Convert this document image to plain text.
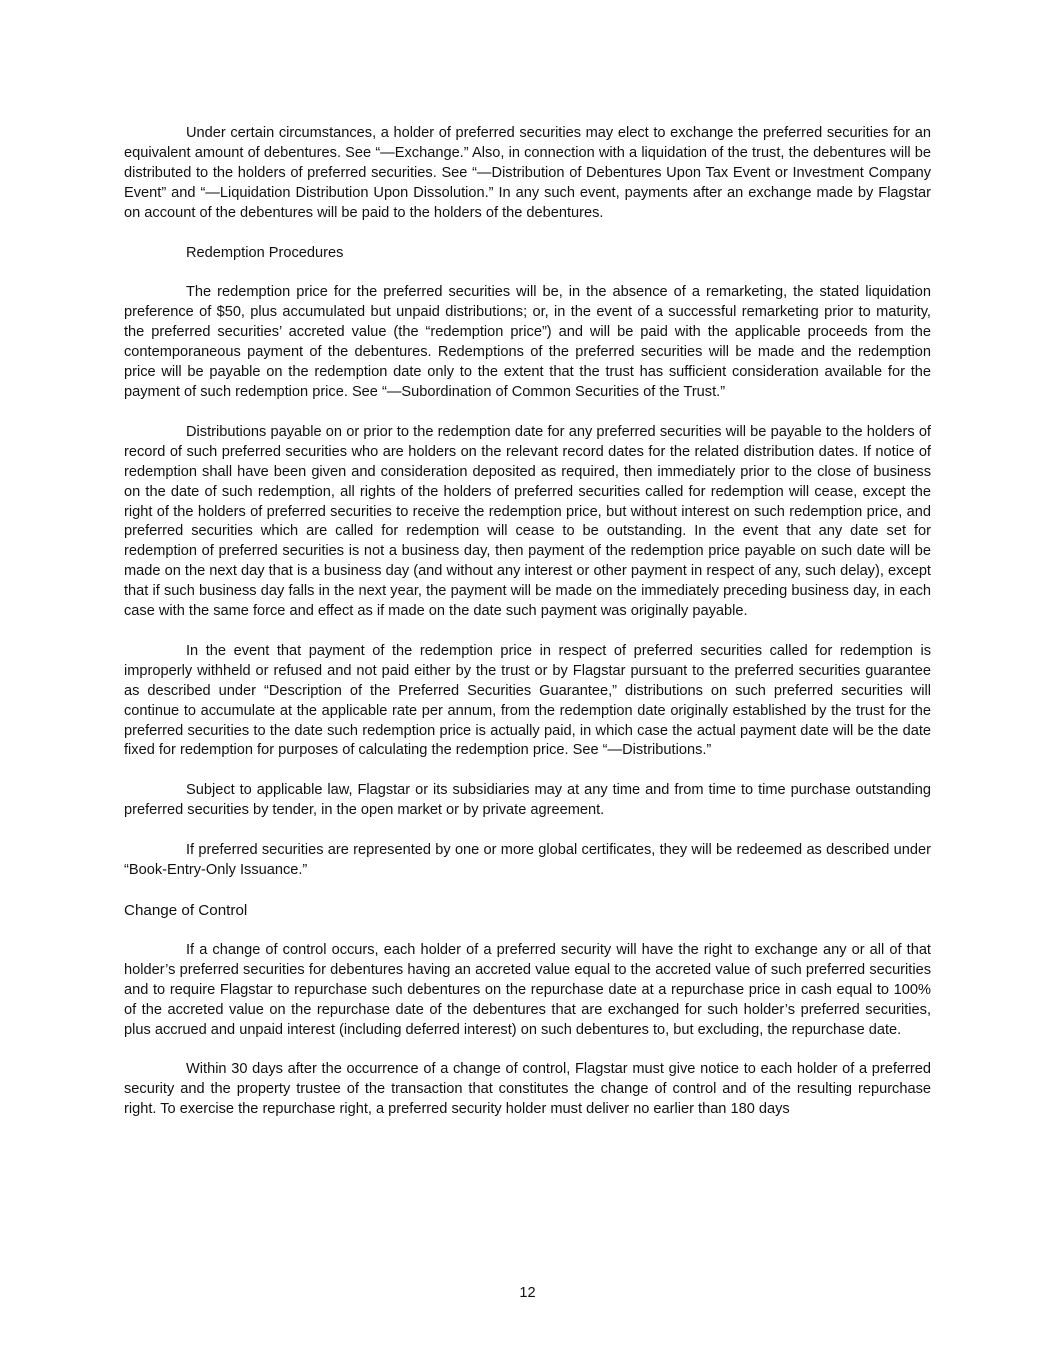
Under certain circumstances, a holder of preferred securities may elect to exchange the preferred securities for an equivalent amount of debentures. See “—Exchange.” Also, in connection with a liquidation of the trust, the debentures will be distributed to the holders of preferred securities. See “—Distribution of Debentures Upon Tax Event or Investment Company Event” and “—Liquidation Distribution Upon Dissolution.” In any such event, payments after an exchange made by Flagstar on account of the debentures will be paid to the holders of the debentures.

Redemption Procedures

The redemption price for the preferred securities will be, in the absence of a remarketing, the stated liquidation preference of $50, plus accumulated but unpaid distributions; or, in the event of a successful remarketing prior to maturity, the preferred securities’ accreted value (the “redemption price”) and will be paid with the applicable proceeds from the contemporaneous payment of the debentures. Redemptions of the preferred securities will be made and the redemption price will be payable on the redemption date only to the extent that the trust has sufficient consideration available for the payment of such redemption price. See “—Subordination of Common Securities of the Trust.”

Distributions payable on or prior to the redemption date for any preferred securities will be payable to the holders of record of such preferred securities who are holders on the relevant record dates for the related distribution dates. If notice of redemption shall have been given and consideration deposited as required, then immediately prior to the close of business on the date of such redemption, all rights of the holders of preferred securities called for redemption will cease, except the right of the holders of preferred securities to receive the redemption price, but without interest on such redemption price, and preferred securities which are called for redemption will cease to be outstanding. In the event that any date set for redemption of preferred securities is not a business day, then payment of the redemption price payable on such date will be made on the next day that is a business day (and without any interest or other payment in respect of any, such delay), except that if such business day falls in the next year, the payment will be made on the immediately preceding business day, in each case with the same force and effect as if made on the date such payment was originally payable.

In the event that payment of the redemption price in respect of preferred securities called for redemption is improperly withheld or refused and not paid either by the trust or by Flagstar pursuant to the preferred securities guarantee as described under “Description of the Preferred Securities Guarantee,” distributions on such preferred securities will continue to accumulate at the applicable rate per annum, from the redemption date originally established by the trust for the preferred securities to the date such redemption price is actually paid, in which case the actual payment date will be the date fixed for redemption for purposes of calculating the redemption price. See “—Distributions.”

Subject to applicable law, Flagstar or its subsidiaries may at any time and from time to time purchase outstanding preferred securities by tender, in the open market or by private agreement.

If preferred securities are represented by one or more global certificates, they will be redeemed as described under “Book-Entry-Only Issuance.”

Change of Control

If a change of control occurs, each holder of a preferred security will have the right to exchange any or all of that holder’s preferred securities for debentures having an accreted value equal to the accreted value of such preferred securities and to require Flagstar to repurchase such debentures on the repurchase date at a repurchase price in cash equal to 100% of the accreted value on the repurchase date of the debentures that are exchanged for such holder’s preferred securities, plus accrued and unpaid interest (including deferred interest) on such debentures to, but excluding, the repurchase date.

Within 30 days after the occurrence of a change of control, Flagstar must give notice to each holder of a preferred security and the property trustee of the transaction that constitutes the change of control and of the resulting repurchase right. To exercise the repurchase right, a preferred security holder must deliver no earlier than 180 days

12
